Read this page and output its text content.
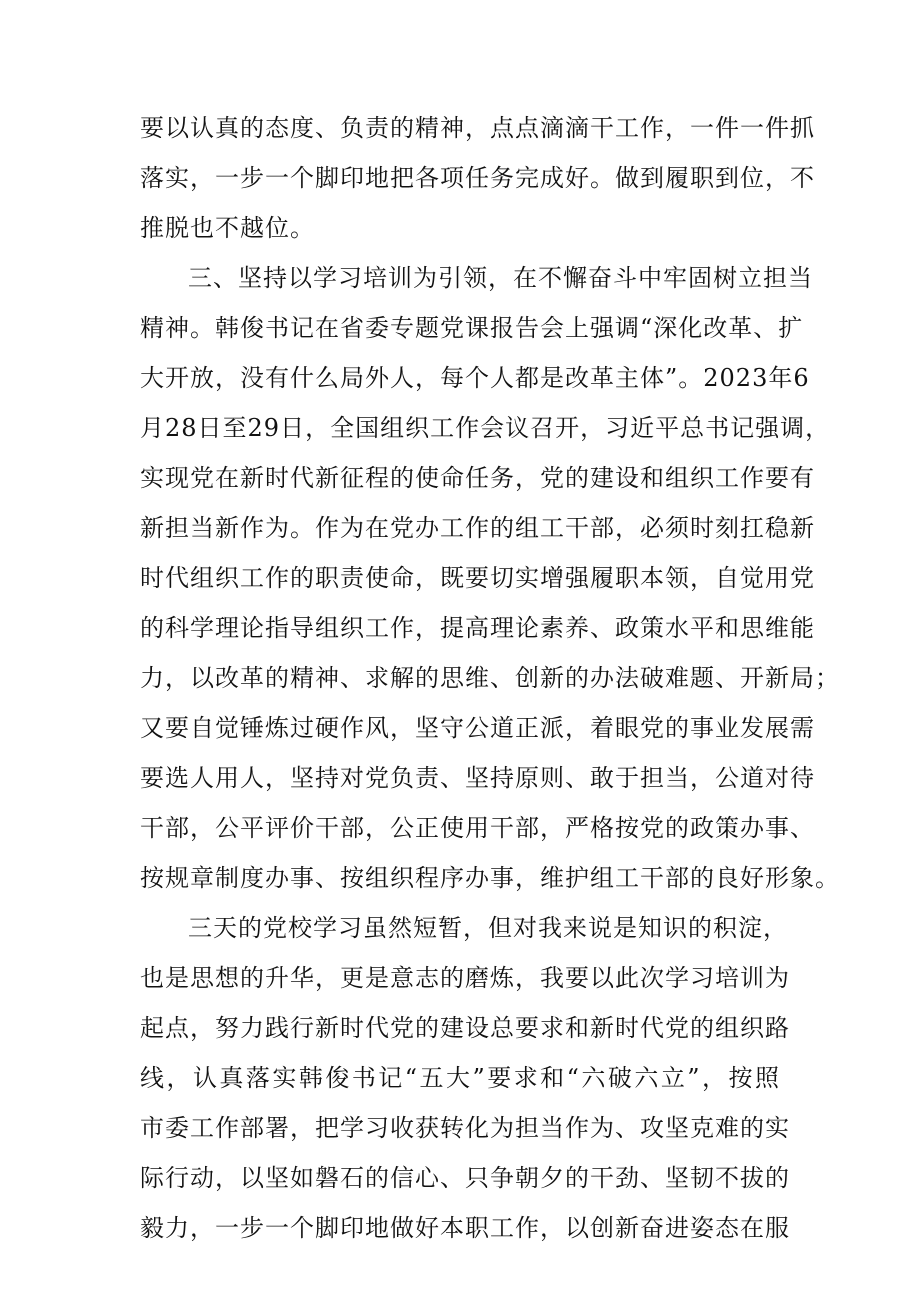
要以认真的态度、负责的精神，点点滴滴干工作，一件一件抓
落实，一步一个脚印地把各项任务完成好。做到履职到位，不
推脱也不越位。
三、坚持以学习培训为引领，在不懈奋斗中牢固树立担当
精神。韩俊书记在省委专题党课报告会上强调“深化改革、扩
大开放，没有什么局外人，每个人都是改革主体”。2023年6
月28日至29日，全国组织工作会议召开，习近平总书记强调，
实现党在新时代新征程的使命任务，党的建设和组织工作要有
新担当新作为。作为在党办工作的组工干部，必须时刻扛稳新
时代组织工作的职责使命，既要切实增强履职本领，自觉用党
的科学理论指导组织工作，提高理论素养、政策水平和思维能
力，以改革的精神、求解的思维、创新的办法破难题、开新局；
又要自觉锤炼过硬作风，坚守公道正派，着眼党的事业发展需
要选人用人，坚持对党负责、坚持原则、敢于担当，公道对待
干部，公平评价干部，公正使用干部，严格按党的政策办事、
按规章制度办事、按组织程序办事，维护组工干部的良好形象。
三天的党校学习虽然短暂，但对我来说是知识的积淀，
也是思想的升华，更是意志的磨炼，我要以此次学习培训为
起点，努力践行新时代党的建设总要求和新时代党的组织路
线，认真落实韩俊书记“五大”要求和“六破六立”，按照
市委工作部署，把学习收获转化为担当作为、攻坚克难的实
际行动，以坚如磐石的信心、只争朝夕的干劲、坚韧不拔的
毅力，一步一个脚印地做好本职工作，以创新奋进姿态在服
